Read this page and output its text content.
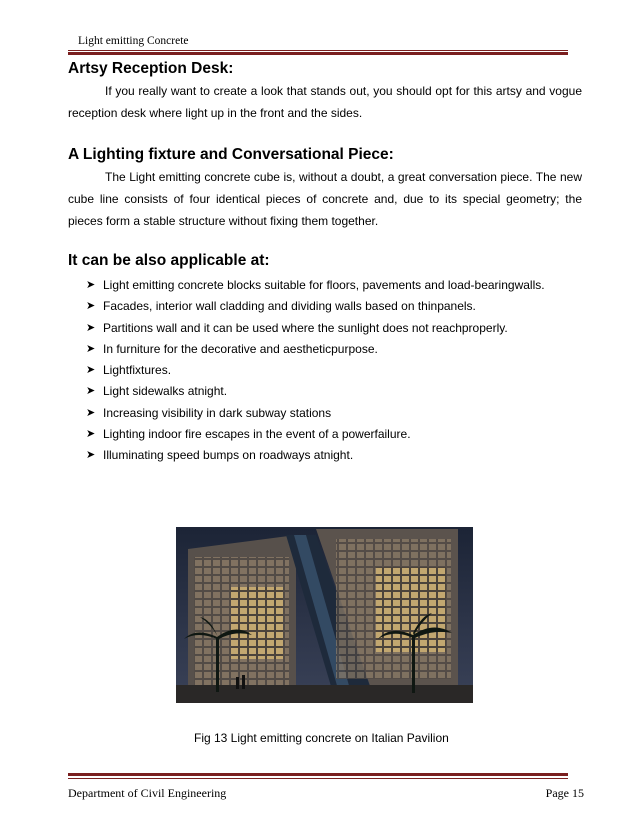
Light emitting Concrete
Artsy Reception Desk:

If you really want to create a look that stands out, you should opt for this artsy and vogue reception desk where light up in the front and the sides.

A Lighting fixture and Conversational Piece:

The Light emitting concrete cube is, without a doubt, a great conversation piece. The new cube line consists of four identical pieces of concrete and, due to its special geometry; the pieces form a stable structure without fixing them together.

It can be also applicable at:
➤ Light emitting concrete blocks suitable for floors, pavements and load-bearingwalls.
➤ Facades, interior wall cladding and dividing walls based on thinpanels.
➤ Partitions wall and it can be used where the sunlight does not reachproperly.
➤ In furniture for the decorative and aestheticpurpose.
➤ Lightfixtures.
➤ Light sidewalks atnight.
➤ Increasing visibility in dark subway stations
➤ Lighting indoor fire escapes in the event of a powerfailure.
➤ Illuminating speed bumps on roadways atnight.
Fig 13 Light emitting concrete on Italian Pavilion
Department of Civil Engineering	Page 15
